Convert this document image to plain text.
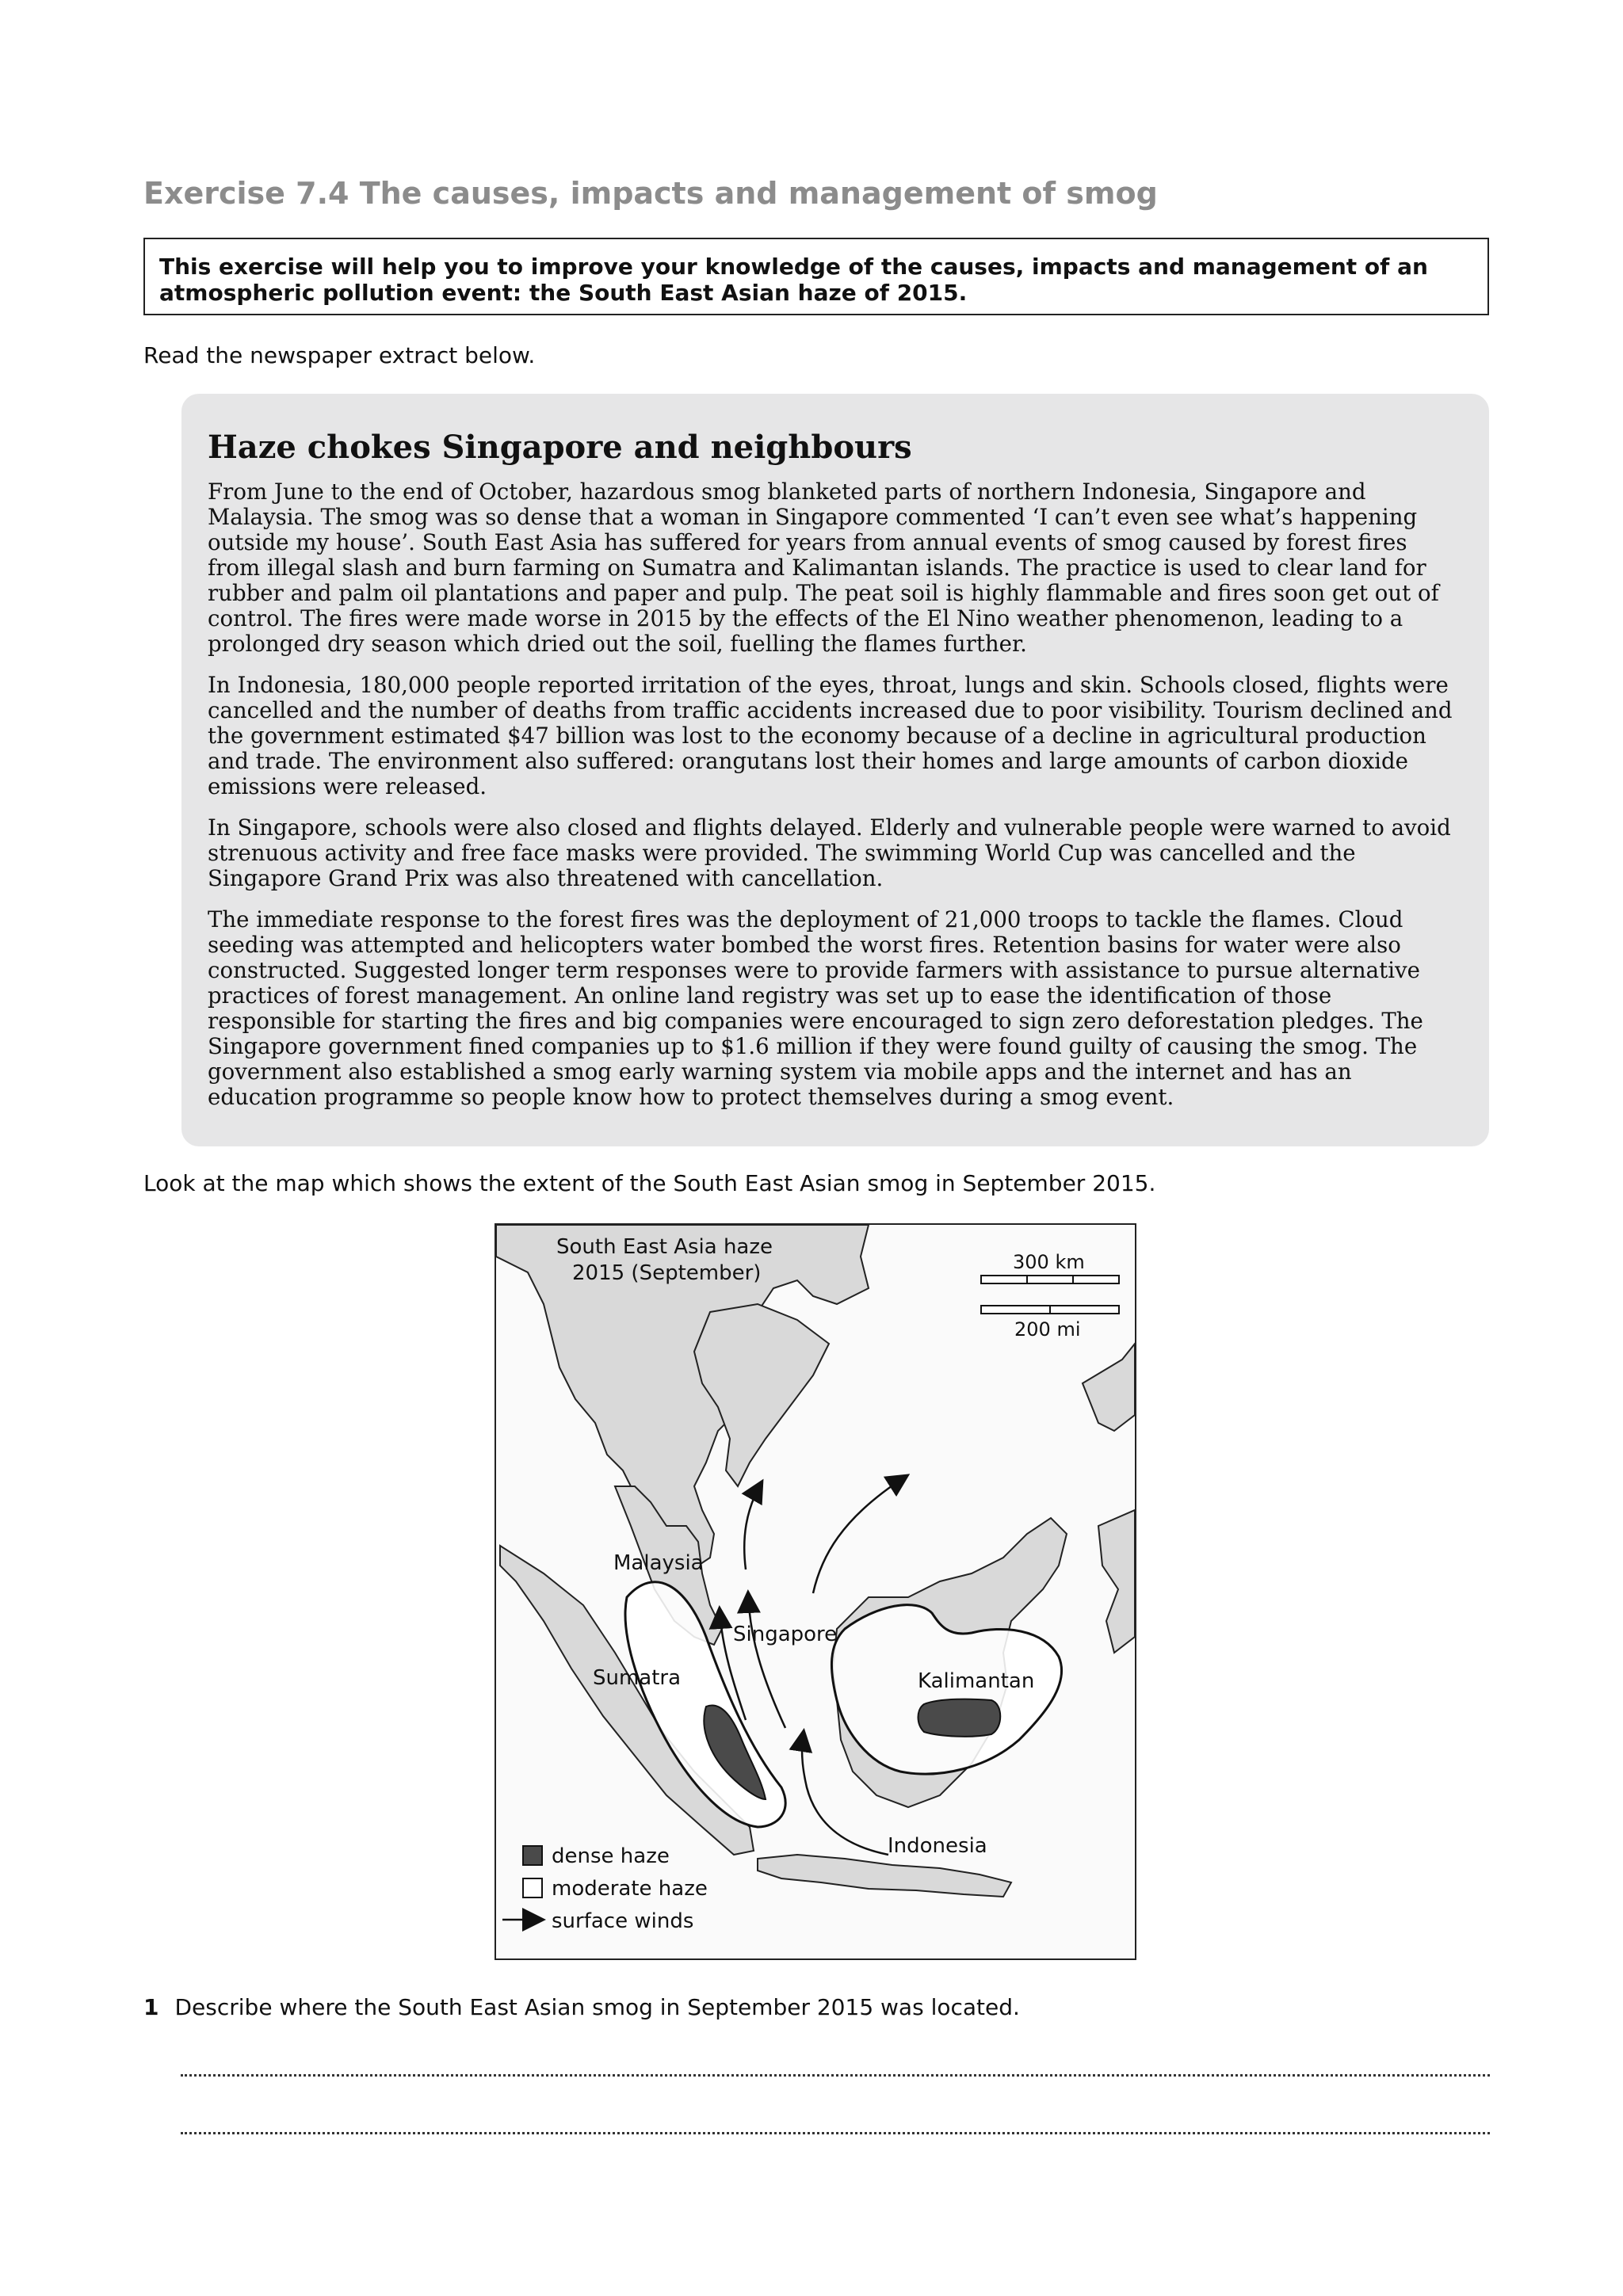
Exercise 7.4 The causes, impacts and management of smog

This exercise will help you to improve your knowledge of the causes, impacts and management of an atmospheric pollution event: the South East Asian haze of 2015.

Read the newspaper extract below.

Haze chokes Singapore and neighbours

From June to the end of October, hazardous smog blanketed parts of northern Indonesia, Singapore and Malaysia. The smog was so dense that a woman in Singapore commented ‘I can’t even see what’s happening outside my house’. South East Asia has suffered for years from annual events of smog caused by forest fires from illegal slash and burn farming on Sumatra and Kalimantan islands. The practice is used to clear land for rubber and palm oil plantations and paper and pulp. The peat soil is highly flammable and fires soon get out of control. The fires were made worse in 2015 by the effects of the El Nino weather phenomenon, leading to a prolonged dry season which dried out the soil, fuelling the flames further.

In Indonesia, 180,000 people reported irritation of the eyes, throat, lungs and skin. Schools closed, flights were cancelled and the number of deaths from traffic accidents increased due to poor visibility. Tourism declined and the government estimated $47 billion was lost to the economy because of a decline in agricultural production and trade. The environment also suffered: orangutans lost their homes and large amounts of carbon dioxide emissions were released.

In Singapore, schools were also closed and flights delayed. Elderly and vulnerable people were warned to avoid strenuous activity and free face masks were provided. The swimming World Cup was cancelled and the Singapore Grand Prix was also threatened with cancellation.

The immediate response to the forest fires was the deployment of 21,000 troops to tackle the flames. Cloud seeding was attempted and helicopters water bombed the worst fires. Retention basins for water were also constructed. Suggested longer term responses were to provide farmers with assistance to pursue alternative practices of forest management. An online land registry was set up to ease the identification of those responsible for starting the fires and big companies were encouraged to sign zero deforestation pledges. The Singapore government fined companies up to $1.6 million if they were found guilty of causing the smog. The government also established a smog early warning system via mobile apps and the internet and has an education programme so people know how to protect themselves during a smog event.

Look at the map which shows the extent of the South East Asian smog in September 2015.

South East Asia haze
2015 (September)	300 km
200 mi
Malaysia
Singapore
Sumatra	Kalimantan
Indonesia
dense haze
moderate haze
surface winds
1 Describe where the South East Asian smog in September 2015 was located.
